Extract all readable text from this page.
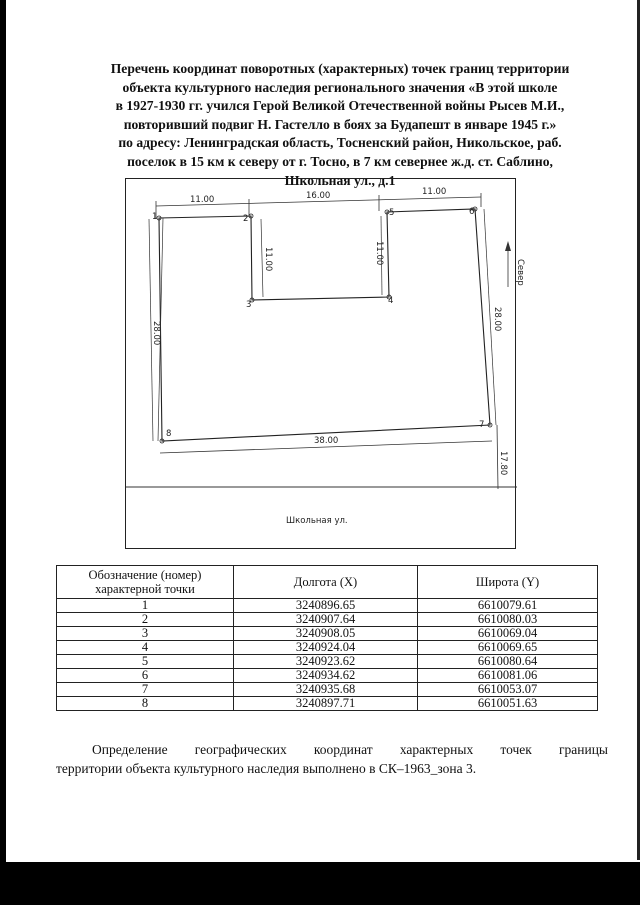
Перечень координат поворотных (характерных) точек границ территории
объекта культурного наследия регионального значения «В этой школе
в 1927-1930 гг. учился Герой Великой Отечественной войны Рысев М.И.,
повторивший подвиг Н. Гастелло в боях за Будапешт в январе 1945 г.»
по адресу: Ленинградская область, Тосненский район, Никольское, раб.
поселок в 15 км к северу от г. Тосно, в 7 км севернее ж.д. ст. Саблино,
Школьная ул., д.1
11.00	16.00	11.00
11.00	11.00
28.00
28.00
17.80
38.00
1	2
3	4
5	6
7
8
Север
Школьная ул.
Обозначение (номер) характерной точки	Долгота (X)	Широта (Y)
1	3240896.65	6610079.61
2	3240907.64	6610080.03
3	3240908.05	6610069.04
4	3240924.04	6610069.65
5	3240923.62	6610080.64
6	3240934.62	6610081.06
7	3240935.68	6610053.07
8	3240897.71	6610051.63
Определение географических координат характерных точек границы
территории объекта культурного наследия выполнено в СК–1963_зона 3.
